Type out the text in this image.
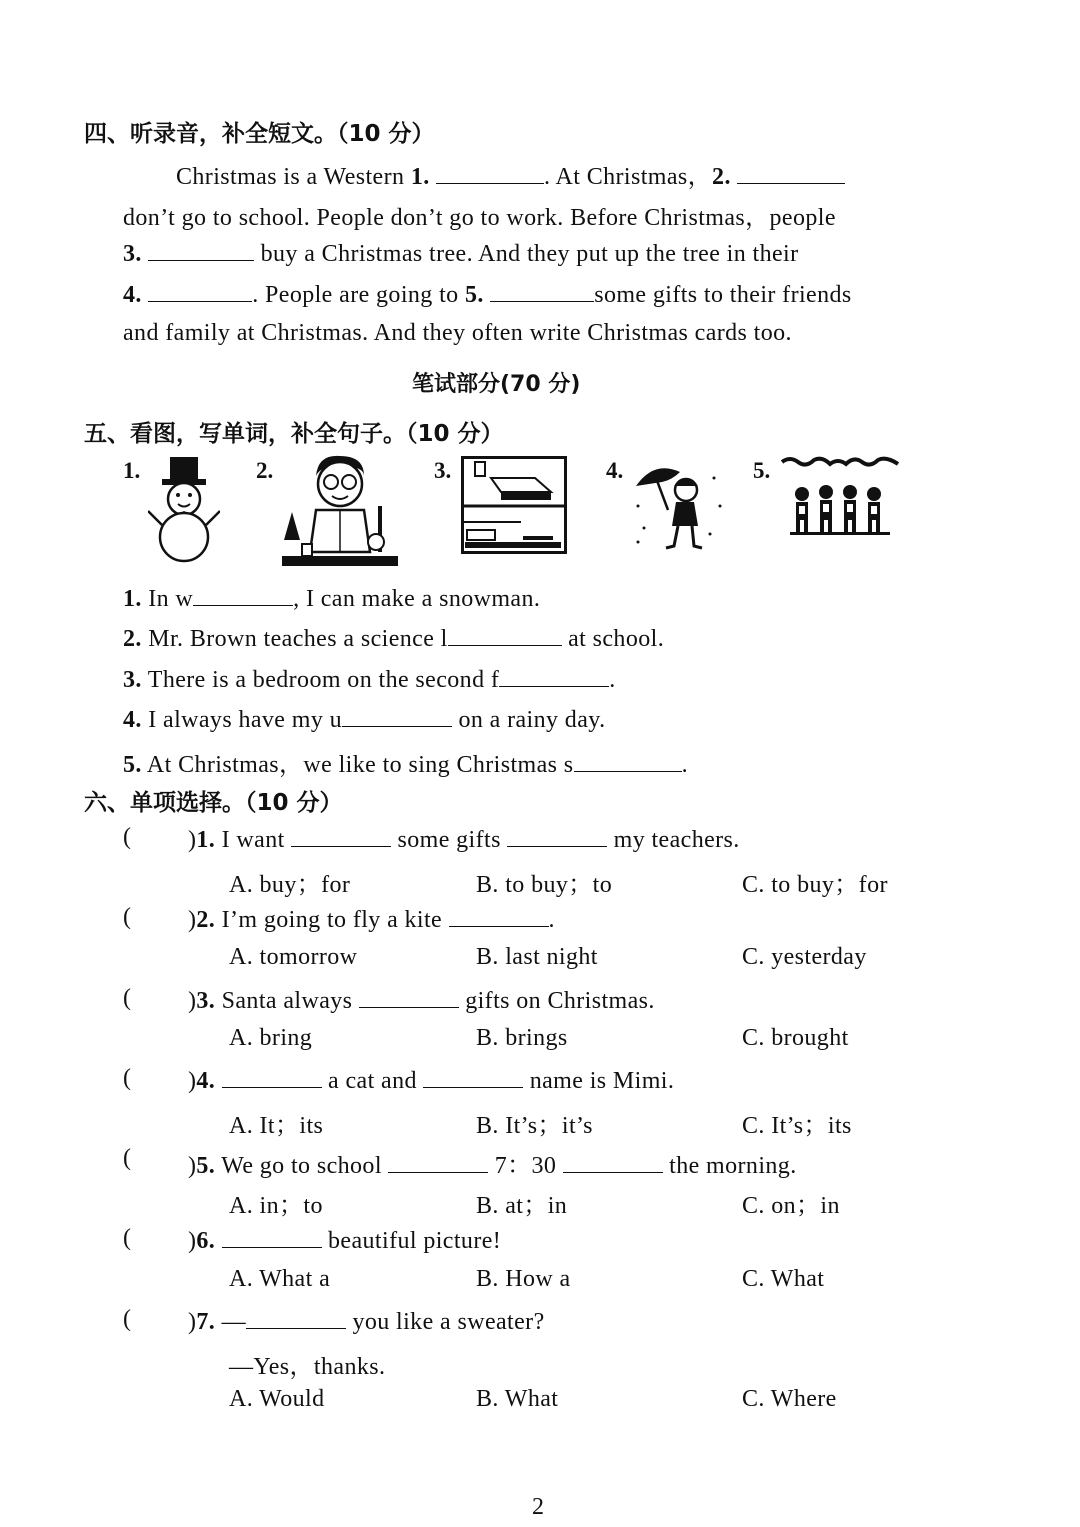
四、听录音，补全短文。（10 分）
Christmas is a Western 1.	. At Christmas，2.
don’t go to school. People don’t go to work. Before Christmas，people
3.	buy a Christmas tree. And they put up the tree in their
4.	. People are going to 5.	some gifts to their friends
and family at Christmas. And they often write Christmas cards too.
笔试部分(70 分)
五、看图，写单词，补全句子。（10 分）
1.	2.	3.	4.	5.
1. In w	, I can make a snowman.
2. Mr. Brown teaches a science l	at school.
3. There is a bedroom on the second f	.
4. I always have my u	on a rainy day.
5. At Christmas，we like to sing Christmas s	.
六、单项选择。（10 分）
( )1. I want	some gifts	my teachers.
A. buy；for	B. to buy；to	C. to buy；for
( )2. I’m going to fly a kite	.
A. tomorrow	B. last night	C. yesterday
( )3. Santa always	gifts on Christmas.
A. bring	B. brings	C. brought
( )4.	a cat and	name is Mimi.
A. It；its	B. It’s；it’s	C. It’s；its
( )5. We go to school	7：30	the morning.
A. in；to	B. at；in	C. on；in
( )6.	beautiful picture!
A. What a	B. How a	C. What
( )7. —	you like a sweater?
—Yes，thanks.
A. Would	B. What	C. Where
2
